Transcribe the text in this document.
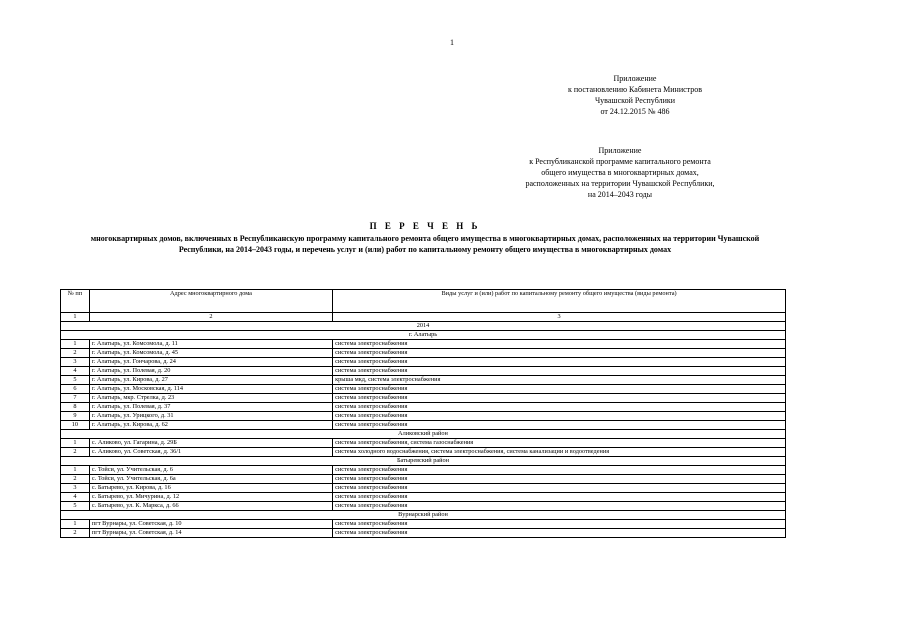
1
Приложение
к постановлению Кабинета Министров
Чувашской Республики
от 24.12.2015 № 486
Приложение
к Республиканской программе капитального ремонта
общего имущества в многоквартирных домах,
расположенных на территории Чувашской Республики,
на 2014–2043 годы
П Е Р Е Ч Е Н Ь
многоквартирных домов, включенных в Республиканскую программу капитального ремонта общего имущества в многоквартирных домах, расположенных на территории Чувашской Республики, на 2014–2043 годы, и перечень услуг и (или) работ по капитальному ремонту общего имущества в многоквартирных домах
№ пп	Адрес многоквартирного дома	Виды услуг и (или) работ по капитальному ремонту общего имущества (виды ремонта)
1	2	3
2014		
г. Алатырь		
1	г. Алатырь, ул. Комсомола, д. 11	система электроснабжения
2	г. Алатырь, ул. Комсомола, д. 45	система электроснабжения
3	г. Алатырь, ул. Гончарова, д. 24	система электроснабжения
4	г. Алатырь, ул. Полевая, д. 20	система электроснабжения
5	г. Алатырь, ул. Кирова, д. 27	крыша мкд, система электроснабжения
6	г. Алатырь, ул. Московская, д. 114	система электроснабжения
7	г. Алатырь, мкр. Стрелка, д. 23	система электроснабжения
8	г. Алатырь, ул. Полевая, д. 37	система электроснабжения
9	г. Алатырь, ул. Урицкого, д. 31	система электроснабжения
10	г. Алатырь, ул. Кирова, д. 62	система электроснабжения
Аликовский район		
1	с. Аликово, ул. Гагарина, д. 29Б	система электроснабжения, система газоснабжения
2	с. Аликово, ул. Советская, д. 36/1	система холодного водоснабжения, система электроснабжения, система канализации и водоотведения
Батыревский район		
1	с. Тойси, ул. Учительская, д. 6	система электроснабжения
2	с. Тойси, ул. Учительская, д. 6а	система электроснабжения
3	с. Батырево, ул. Кирова, д. 16	система электроснабжения
4	с. Батырево, ул. Мичурина, д. 12	система электроснабжения
5	с. Батырево, ул. К. Маркса, д. 66	система электроснабжения
Вурнарский район		
1	пгт Вурнары, ул. Советская, д. 10	система электроснабжения
2	пгт Вурнары, ул. Советская, д. 14	система электроснабжения
